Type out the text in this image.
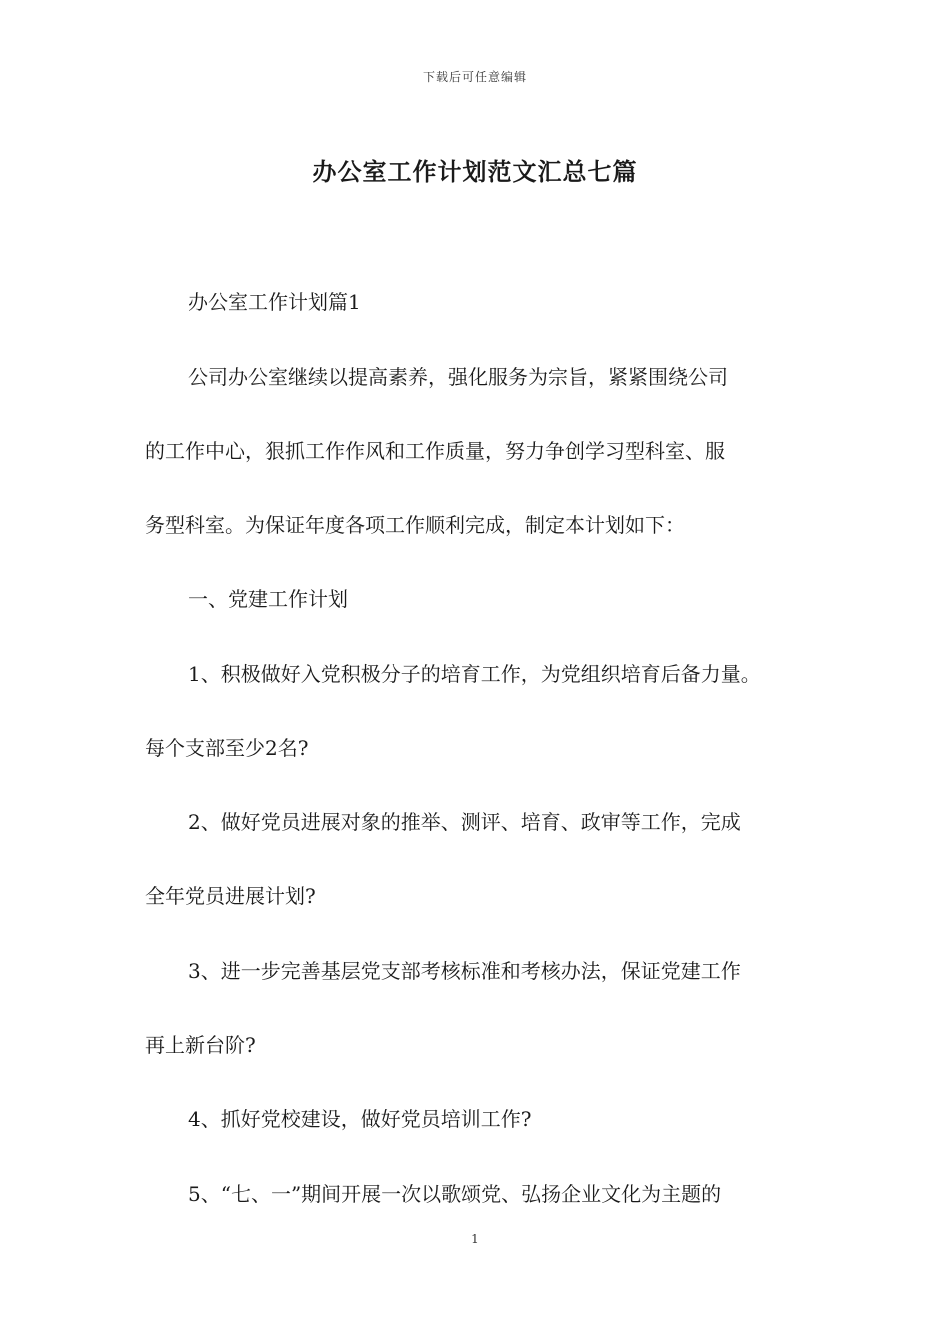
下载后可任意编辑
办公室工作计划范文汇总七篇
办公室工作计划篇1
公司办公室继续以提高素养，强化服务为宗旨，紧紧围绕公司
的工作中心，狠抓工作作风和工作质量，努力争创学习型科室、服
务型科室。为保证年度各项工作顺利完成，制定本计划如下：
一、党建工作计划
1、积极做好入党积极分子的培育工作，为党组织培育后备力量。
每个支部至少2名?
2、做好党员进展对象的推举、测评、培育、政审等工作，完成
全年党员进展计划?
3、进一步完善基层党支部考核标准和考核办法，保证党建工作
再上新台阶?
4、抓好党校建设，做好党员培训工作?
5、“七、一”期间开展一次以歌颂党、弘扬企业文化为主题的
1
